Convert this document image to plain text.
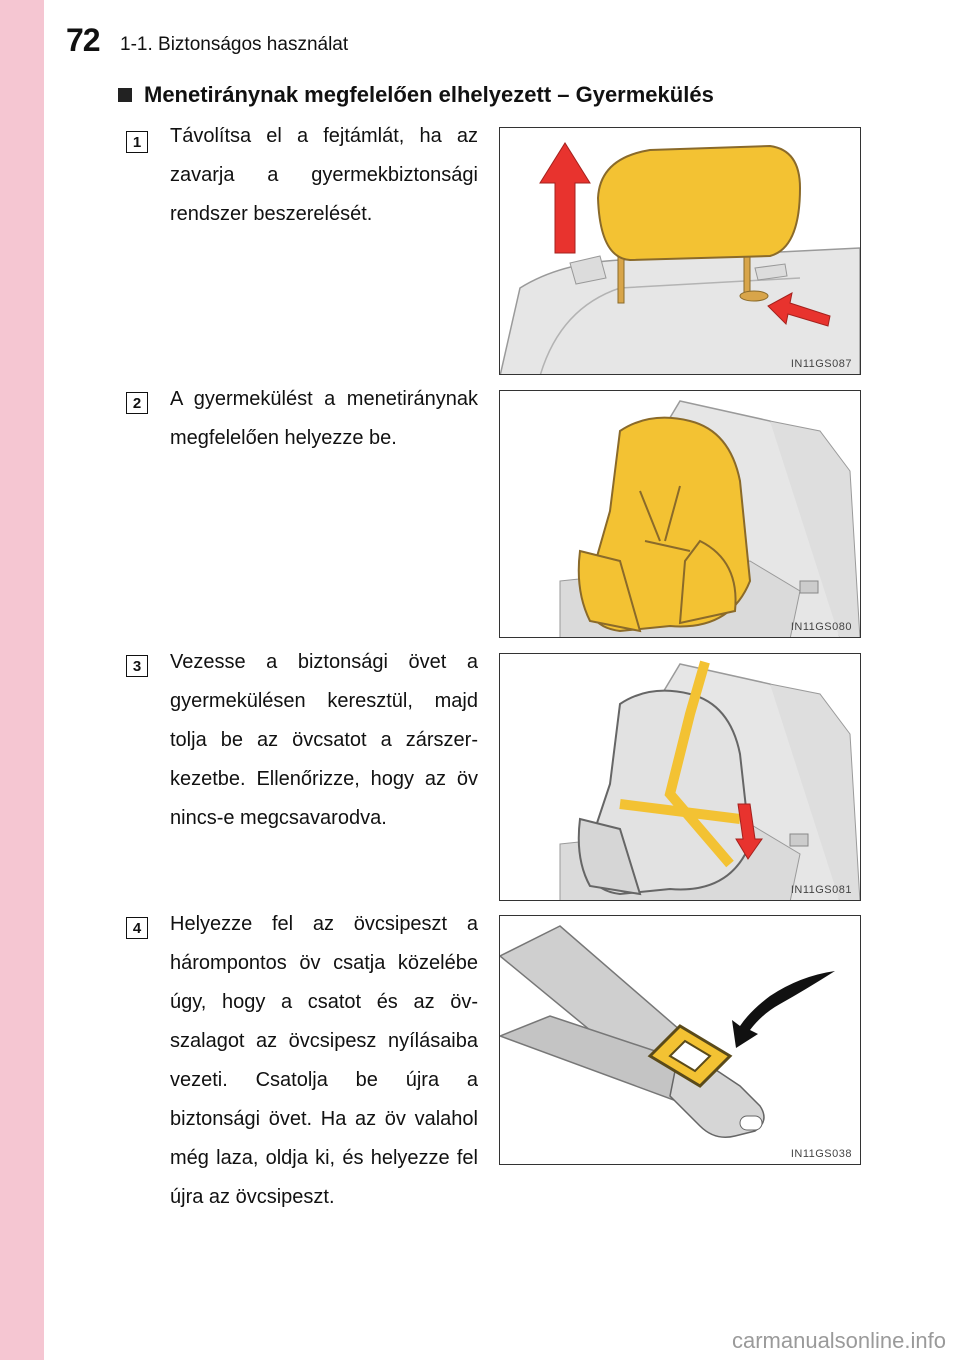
72 1-1. Biztonságos használat
Menetiránynak megfelelően elhelyezett – Gyermekülés
1	Távolítsa el a fejtámlát, ha az zavarja a gyermekbiztonsági rendszer beszerelését.
IN11GS087
2	A gyermekülést a menetiránynak megfelelően helyezze be.
IN11GS080
3	Vezesse a biztonsági övet a gyermekülésen keresztül, majd tolja be az övcsatot a zárszerkezetbe. Ellenőrizze, hogy az öv nincs-e megcsavarodva.
IN11GS081
4	Helyezze fel az övcsipeszt a hárompontos öv csatja közelébe úgy, hogy a csatot és az övszalagot az övcsipesz nyílásaiba vezeti. Csatolja be újra a biztonsági övet. Ha az öv valahol még laza, oldja ki, és helyezze fel újra az övcsipeszt.
IN11GS038
carmanualsonline.info
